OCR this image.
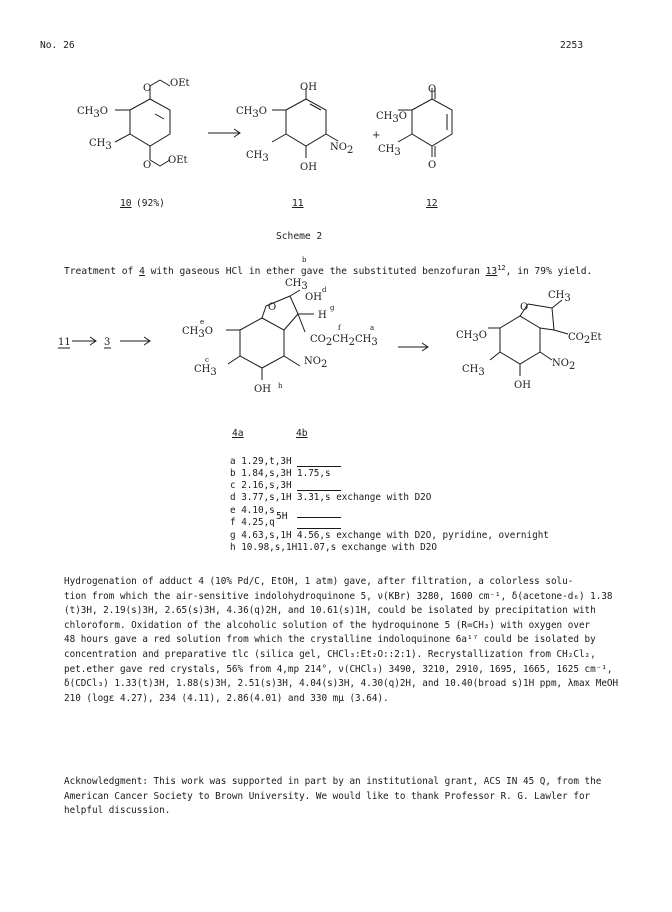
No. 26	2253
O OEt
CH3O
CH3
O OEt
OH
CH3O
CH3
NO2
OH
+
O
CH3O
CH3
O
O
CH3
OH
H
CH3O
CH3
NO2
OH
CO2CH2CH3
b
d
g
e
c
h
f	a
11	3
O
CH3
CO2Et
CH3O
CH3
NO2
OH
10 (92%)	11	12
Scheme 2
Treatment of 4 with gaseous HCl in ether gave the substituted benzofuran $13^{12}$, in 79% yield.
4a	4b
a 1.29,t,3H
b 1.84,s,3H 1.75,s
c 2.16,s,3H
d 3.77,s,1H 3.31,s exchange with D2O
e 4.10,s
f 4.25,q
5H
g 4.63,s,1H 4.56,s exchange with D2O, pyridine, overnight
h 10.98,s,1H 11.07,s exchange with D2O
Hydrogenation of adduct 4 (10% Pd/C, EtOH, 1 atm) gave, after filtration, a colorless solu-
tion from which the air-sensitive indolohydroquinone 5, ν(KBr) 3280, 1600 cm⁻¹, δ(acetone-d₆) 1.38
(t)3H, 2.19(s)3H, 2.65(s)3H, 4.36(q)2H, and 10.61(s)1H, could be isolated by precipitation with
chloroform. Oxidation of the alcoholic solution of the hydroquinone 5 (R=CH₃) with oxygen over
48 hours gave a red solution from which the crystalline indoloquinone 6a¹⁷ could be isolated by
concentration and preparative tlc (silica gel, CHCl₃:Et₂O::2:1). Recrystallization from CH₂Cl₂,
pet.ether gave red crystals, 56% from 4,mp 214°, ν(CHCl₃) 3490, 3210, 2910, 1695, 1665, 1625 cm⁻¹,
δ(CDCl₃) 1.33(t)3H, 1.88(s)3H, 2.51(s)3H, 4.04(s)3H, 4.30(q)2H, and 10.40(broad s)1H ppm, λmax MeOH
210 (logε 4.27), 234 (4.11), 2.86(4.01) and 330 mμ (3.64).
Acknowledgment: This work was supported in part by an institutional grant, ACS IN 45 Q, from the
American Cancer Society to Brown University. We would like to thank Professor R. G. Lawler for
helpful discussion.
